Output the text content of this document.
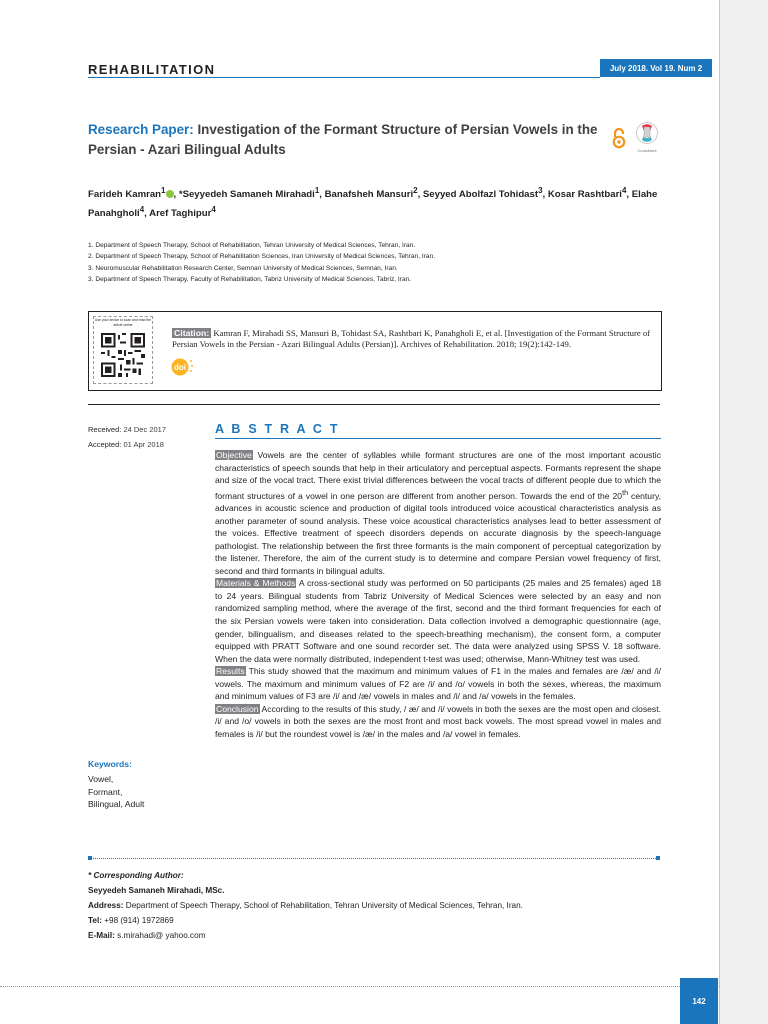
REHABILITATION	July 2018. Vol 19. Num 2
Research Paper: Investigation of the Formant Structure of Persian Vowels in the Persian - Azari Bilingual Adults	CrossMark
Farideh Kamran$^1$ , *Seyyedeh Samaneh Mirahadi$^1$, Banafsheh Mansuri$^2$, Seyyed Abolfazl Tohidast$^3$, Kosar Rashtbari$^4$, Elahe Panahgholi$^4$, Aref Taghipur$^4$
1. Department of Speech Therapy, School of Rehabilitation, Tehran University of Medical Sciences, Tehran, Iran.
2. Department of Speech Therapy, School of Rehabilitation Sciences, Iran University of Medical Sciences, Tehran, Iran.
3. Neuromuscular Rehabilitation Research Center, Semnan University of Medical Sciences, Semnan, Iran.
3. Department of Speech Therapy, Faculty of Rehabilitation, Tabriz University of Medical Sciences, Tabriz, Iran.
Use your device to scan and read the article online
Citation: Kamran F, Mirahadi SS, Mansuri B, Tohidast SA, Rashtbari K, Panahgholi E, et al. [Investigation of the Formant Structure of Persian Vowels in the Persian - Azari Bilingual Adults (Persian)]. Archives of Rehabilitation. 2018; 19(2):142-149.
doi
Received: 24 Dec 2017
Accepted: 01 Apr 2018
A B S T R A C T

Objective Vowels are the center of syllables while formant structures are one of the most important acoustic characteristics of speech sounds that help in their articulatory and perceptual aspects. Formants represent the shape and size of the vocal tract. There exist trivial differences between the vocal tracts of different people due to which the formant structures of a vowel in one person are different from another person. Towards the end of the 20th century, advances in acoustic science and production of digital tools introduced voice acoustical characteristics analysis as another parameter of sound analysis. These voice acoustical characteristics analyses lead to better assessment of the voices. Effective treatment of speech disorders depends on accurate diagnosis by the speech-language pathologist. The relationship between the first three formants is the main component of perceptual categorization by the listener. Therefore, the aim of the current study is to determine and compare Persian vowel frequency of first, second and third formants in bilingual adults.

Materials & Methods A cross-sectional study was performed on 50 participants (25 males and 25 females) aged 18 to 24 years. Bilingual students from Tabriz University of Medical Sciences were selected by an easy and non randomized sampling method, where the average of the first, second and the third formant frequencies for each of the six Persian vowels were taken into consideration. Data collection involved a demographic questionnaire (age, gender, bilingualism, and diseases related to the speech-breathing mechanism), the consent form, a computer equipped with PRATT Software and one sound recorder set. The data were analyzed using SPSS V. 18 software. When the data were normally distributed, independent t-test was used; otherwise, Mann-Whitney test was used.

Results This study showed that the maximum and minimum values of F1 in the males and females are /æ/ and /i/ vowels. The maximum and minimum values of F2 are /i/ and /o/ vowels in both the sexes, whereas, the maximum and minimum values of F3 are /i/ and /æ/ vowels in males and /i/ and /a/ vowels in the females.

Conclusion According to the results of this study, / æ/ and /i/ vowels in both the sexes are the most open and closest. /i/ and /o/ vowels in both the sexes are the most front and most back vowels. The most spread vowel in males and females is /i/ but the roundest vowel is /æ/ in the males and /a/ vowel in females.

Keywords:
Vowel,
Formant,
Bilingual, Adult
* Corresponding Author:
Seyyedeh Samaneh Mirahadi, MSc.
Address: Department of Speech Therapy, School of Rehabilitation, Tehran University of Medical Sciences, Tehran, Iran.
Tel: +98 (914) 1972869
E-Mail: s.mirahadi@ yahoo.com
142
